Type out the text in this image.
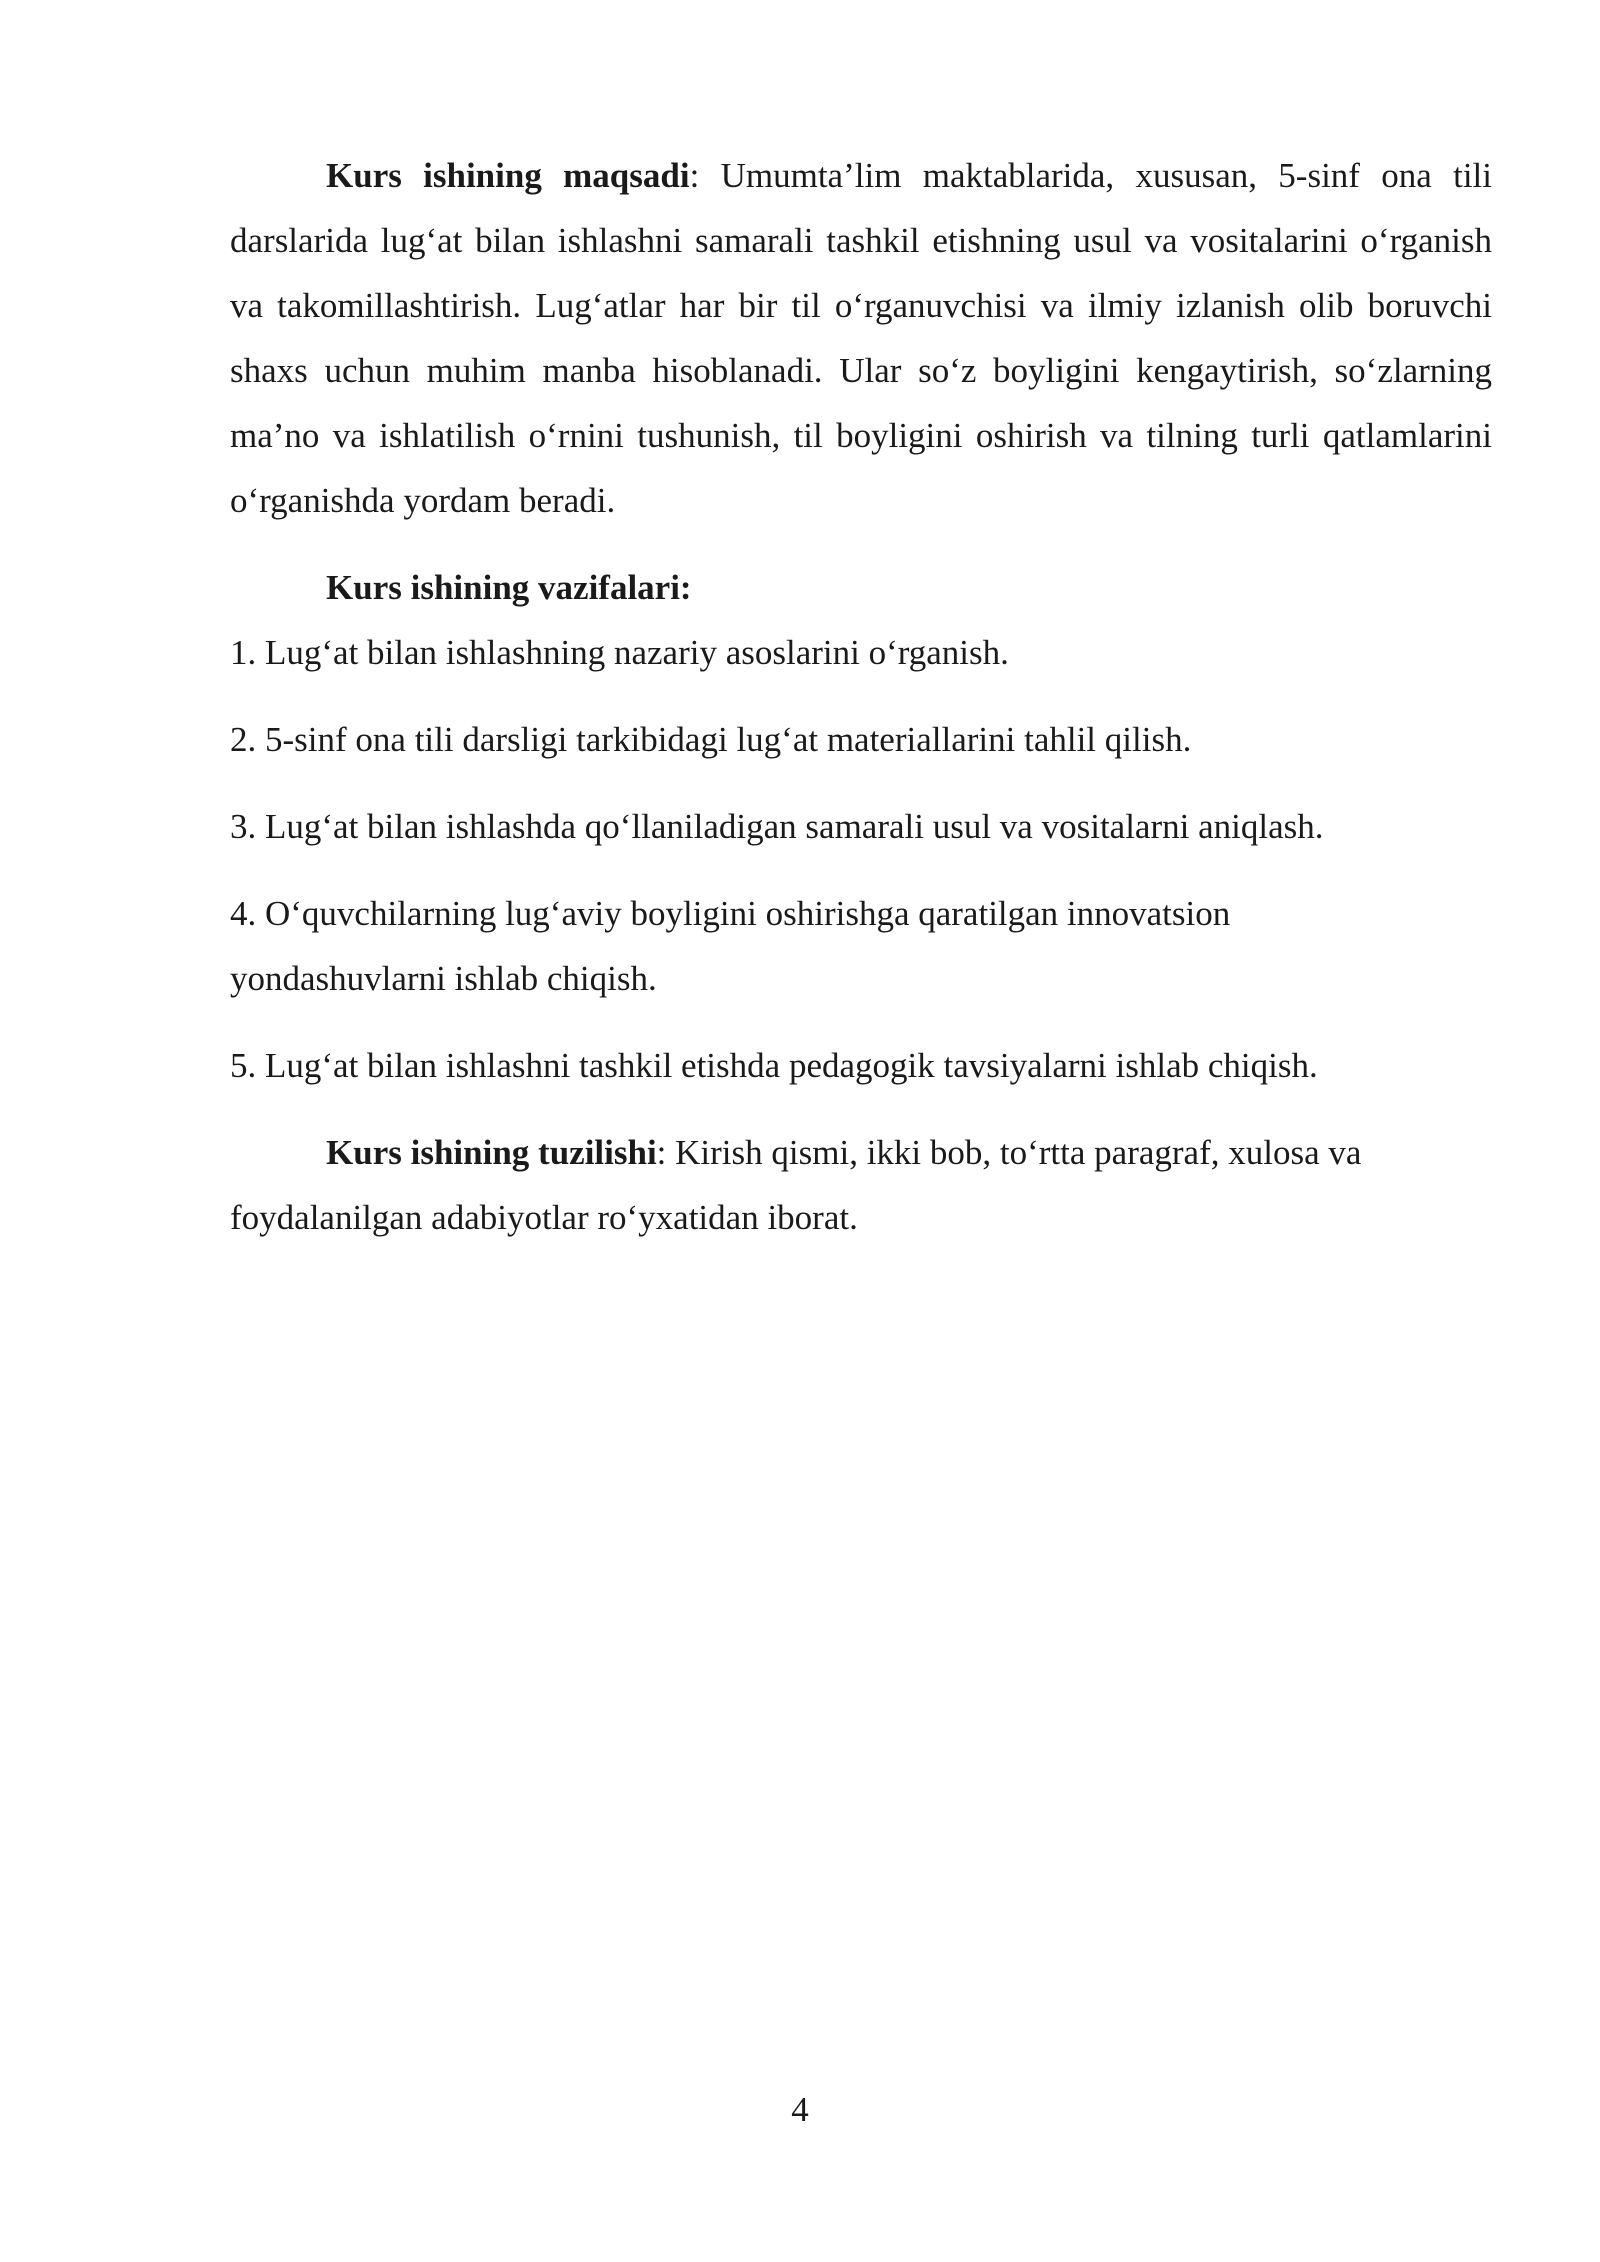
Kurs ishining maqsadi: Umumta’lim maktablarida, xususan, 5-sinf ona tili darslarida lug‘at bilan ishlashni samarali tashkil etishning usul va vositalarini o‘rganish va takomillashtirish. Lug‘atlar har bir til o‘rganuvchisi va ilmiy izlanish olib boruvchi shaxs uchun muhim manba hisoblanadi. Ular so‘z boyligini kengaytirish, so‘zlarning ma’no va ishlatilish o‘rnini tushunish, til boyligini oshirish va tilning turli qatlamlarini o‘rganishda yordam beradi.

Kurs ishining vazifalari:

1. Lug‘at bilan ishlashning nazariy asoslarini o‘rganish.

2. 5-sinf ona tili darsligi tarkibidagi lug‘at materiallarini tahlil qilish.

3. Lug‘at bilan ishlashda qo‘llaniladigan samarali usul va vositalarni aniqlash.

4. O‘quvchilarning lug‘aviy boyligini oshirishga qaratilgan innovatsion yondashuvlarni ishlab chiqish.

5. Lug‘at bilan ishlashni tashkil etishda pedagogik tavsiyalarni ishlab chiqish.

Kurs ishining tuzilishi: Kirish qismi, ikki bob, to‘rtta paragraf, xulosa va foydalanilgan adabiyotlar ro‘yxatidan iborat.

4
